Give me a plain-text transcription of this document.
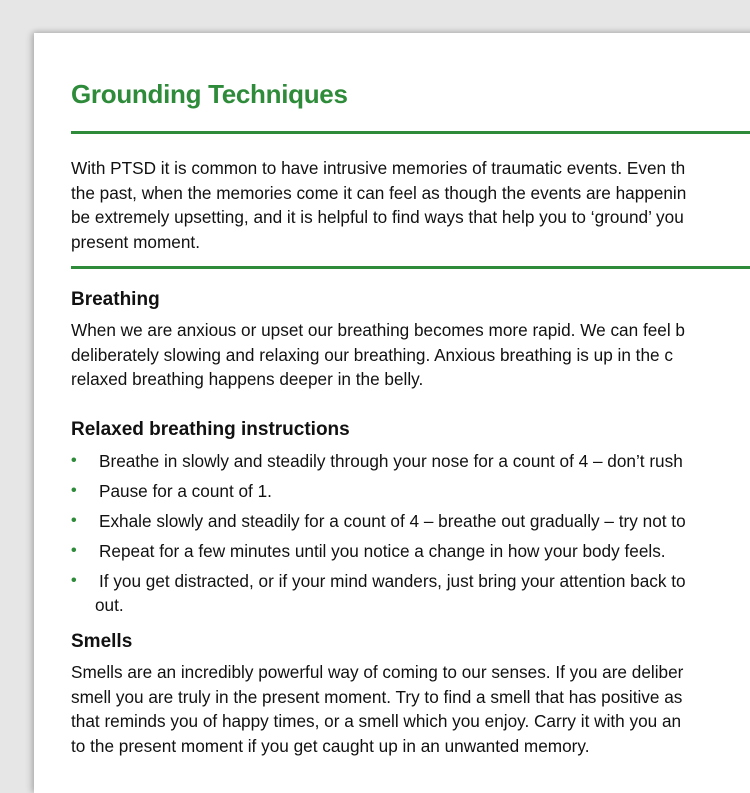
Grounding Techniques

With PTSD it is common to have intrusive memories of traumatic events. Even th
the past, when the memories come it can feel as though the events are happenin
be extremely upsetting, and it is helpful to find ways that help you to ‘ground’ you
present moment.

Breathing

When we are anxious or upset our breathing becomes more rapid. We can feel b
deliberately slowing and relaxing our breathing. Anxious breathing is up in the c
relaxed breathing happens deeper in the belly.

Relaxed breathing instructions
• Breathe in slowly and steadily through your nose for a count of 4 – don’t rush
• Pause for a count of 1.
• Exhale slowly and steadily for a count of 4 – breathe out gradually – try not to
• Repeat for a few minutes until you notice a change in how your body feels.
• If you get distracted, or if your mind wanders, just bring your attention back to
out.
Smells

Smells are an incredibly powerful way of coming to our senses. If you are deliber
smell you are truly in the present moment. Try to find a smell that has positive as
that reminds you of happy times, or a smell which you enjoy. Carry it with you an
to the present moment if you get caught up in an unwanted memory.
